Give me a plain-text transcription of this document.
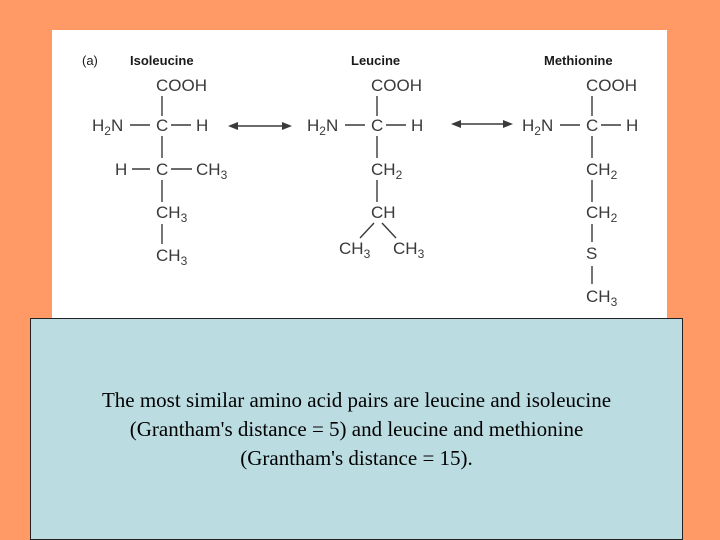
(a) Isoleucine	Leucine	Methionine
COOH
$H_2N$ C H
H C $CH_3$
$CH_3$
$CH_3$
COOH
$H_2N$ C H
$CH_2$
CH
$CH_3$ $CH_3$
COOH
$H_2N$ C H
$CH_2$
$CH_2$
S
$CH_3$
The most similar amino acid pairs are leucine and isoleucine
(Grantham's distance = 5) and leucine and methionine
(Grantham's distance = 15).
